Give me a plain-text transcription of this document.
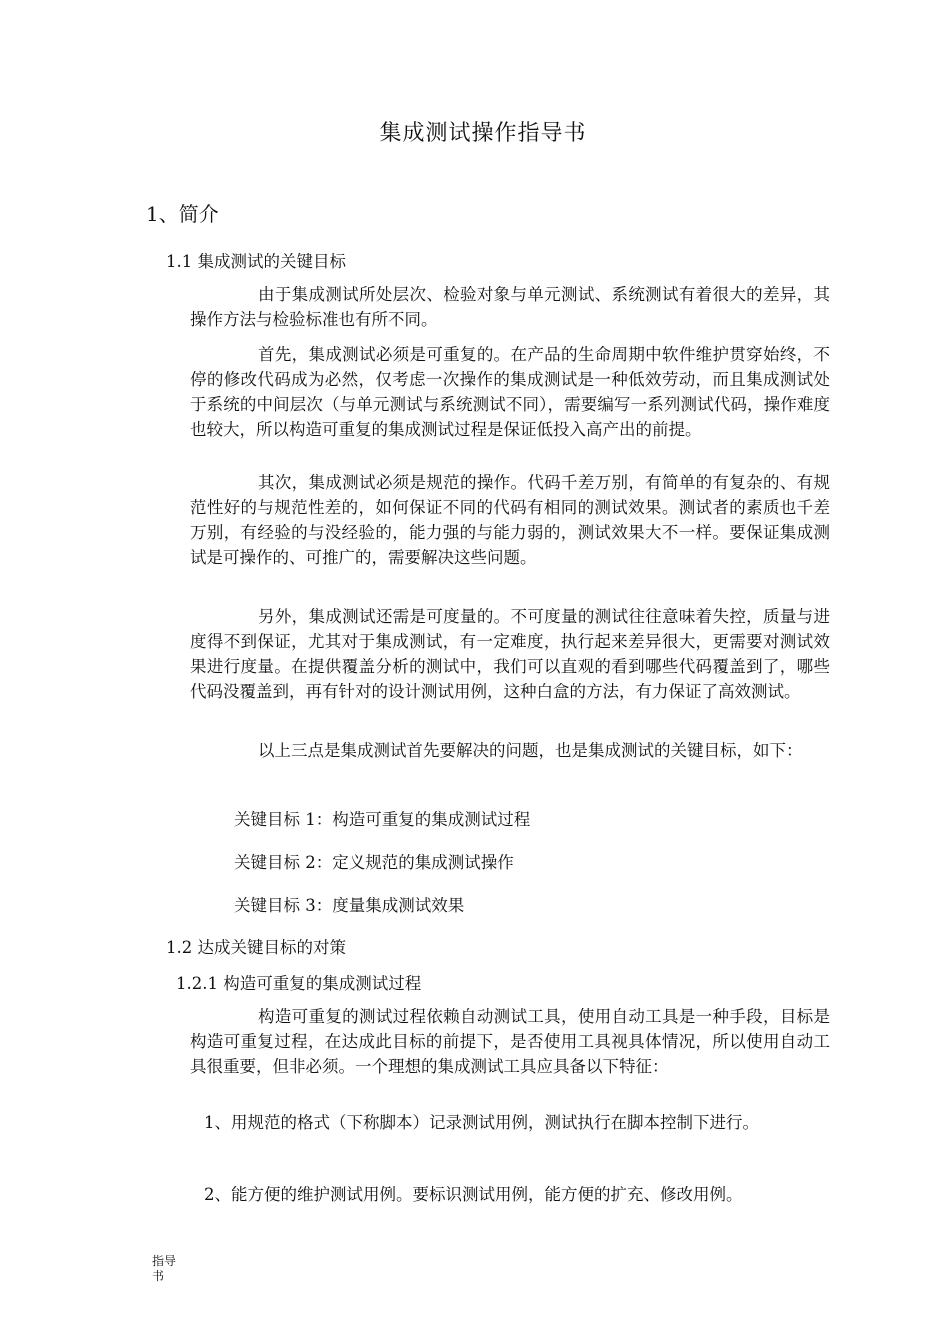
集成测试操作指导书
1、简介
1.1 集成测试的关键目标

由于集成测试所处层次、检验对象与单元测试、系统测试有着很大的差异，其操作方法与检验标准也有所不同。

首先，集成测试必须是可重复的。在产品的生命周期中软件维护贯穿始终，不停的修改代码成为必然，仅考虑一次操作的集成测试是一种低效劳动，而且集成测试处于系统的中间层次（与单元测试与系统测试不同），需要编写一系列测试代码，操作难度也较大，所以构造可重复的集成测试过程是保证低投入高产出的前提。

其次，集成测试必须是规范的操作。代码千差万别，有简单的有复杂的、有规范性好的与规范性差的，如何保证不同的代码有相同的测试效果。测试者的素质也千差万别，有经验的与没经验的，能力强的与能力弱的，测试效果大不一样。要保证集成测试是可操作的、可推广的，需要解决这些问题。

另外，集成测试还需是可度量的。不可度量的测试往往意味着失控，质量与进度得不到保证，尤其对于集成测试，有一定难度，执行起来差异很大，更需要对测试效果进行度量。在提供覆盖分析的测试中，我们可以直观的看到哪些代码覆盖到了，哪些代码没覆盖到，再有针对的设计测试用例，这种白盒的方法，有力保证了高效测试。

以上三点是集成测试首先要解决的问题，也是集成测试的关键目标，如下：

关键目标 1：构造可重复的集成测试过程
关键目标 2：定义规范的集成测试操作
关键目标 3：度量集成测试效果
1.2 达成关键目标的对策
1.2.1 构造可重复的集成测试过程

构造可重复的测试过程依赖自动测试工具，使用自动工具是一种手段，目标是构造可重复过程，在达成此目标的前提下，是否使用工具视具体情况，所以使用自动工具很重要，但非必须。一个理想的集成测试工具应具备以下特征：

1、用规范的格式（下称脚本）记录测试用例，测试执行在脚本控制下进行。

2、能方便的维护测试用例。要标识测试用例，能方便的扩充、修改用例。

指导书
